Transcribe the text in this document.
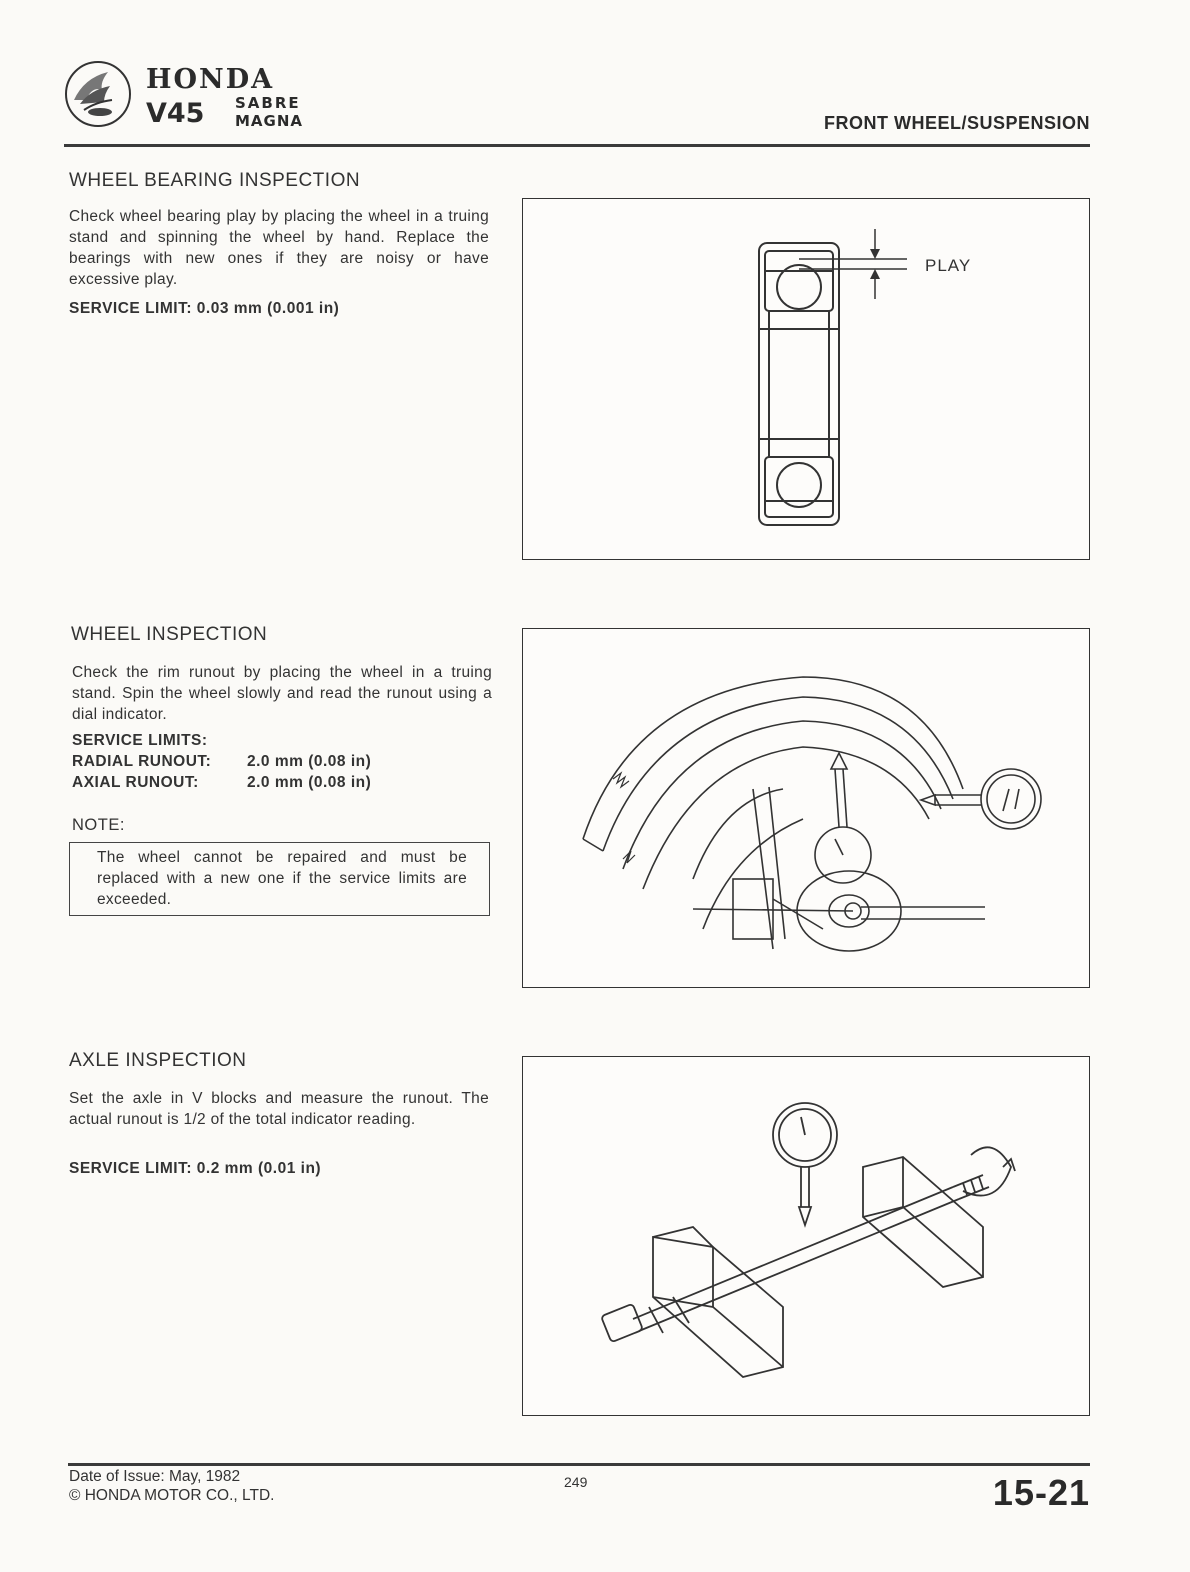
HONDA
V45 SABRE
MAGNA	FRONT WHEEL/SUSPENSION
WHEEL BEARING INSPECTION
Check wheel bearing play by placing the wheel in a truing stand and spinning the wheel by hand. Replace the bearings with new ones if they are noisy or have excessive play.
SERVICE LIMIT: 0.03 mm (0.001 in)
PLAY
WHEEL INSPECTION
Check the rim runout by placing the wheel in a truing stand. Spin the wheel slowly and read the runout using a dial indicator.
SERVICE LIMITS:
RADIAL RUNOUT: 2.0 mm (0.08 in)
AXIAL RUNOUT:	2.0 mm (0.08 in)
NOTE:
The wheel cannot be repaired and must be replaced with a new one if the service limits are exceeded.
AXLE INSPECTION
Set the axle in V blocks and measure the runout. The actual runout is 1/2 of the total indicator reading.
SERVICE LIMIT: 0.2 mm (0.01 in)
Date of Issue: May, 1982
© HONDA MOTOR CO., LTD.
249	15-21
